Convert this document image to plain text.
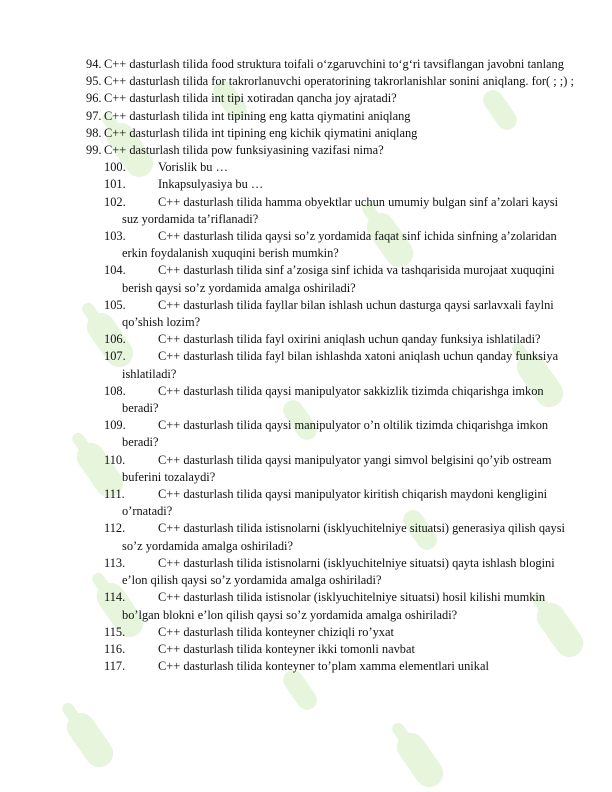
94. C++ dasturlash tilida food struktura toifali o‘zgaruvchini to‘g‘ri tavsiflangan javobni tanlang

95. C++ dasturlash tilida for takrorlanuvchi operatorining takrorlanishlar sonini aniqlang. for( ; ;) ;

96. C++ dasturlash tilida int tipi xotiradan qancha joy ajratadi?

97. C++ dasturlash tilida int tipining eng katta qiymatini aniqlang

98. C++ dasturlash tilida int tipining eng kichik qiymatini aniqlang

99. C++ dasturlash tilida pow funksiyasining vazifasi nima?

100.	Vorislik bu …

101.	Inkapsulyasiya bu …

102.	C++ dasturlash tilida hamma obyektlar uchun umumiy bulgan sinf a’zolari kaysi suz yordamida ta’riflanadi?

103.	C++ dasturlash tilida qaysi so’z yordamida faqat sinf ichida sinfning a’zolaridan erkin foydalanish xuquqini berish mumkin?

104.	C++ dasturlash tilida sinf a’zosiga sinf ichida va tashqarisida murojaat xuquqini berish qaysi so’z yordamida amalga oshiriladi?

105.	C++ dasturlash tilida fayllar bilan ishlash uchun dasturga qaysi sarlavxali faylni qo’shish lozim?

106.	C++ dasturlash tilida fayl oxirini aniqlash uchun qanday funksiya ishlatiladi?

107.	C++ dasturlash tilida fayl bilan ishlashda xatoni aniqlash uchun qanday funksiya ishlatiladi?

108.	C++ dasturlash tilida qaysi manipulyator sakkizlik tizimda chiqarishga imkon beradi?

109.	C++ dasturlash tilida qaysi manipulyator o’n oltilik tizimda chiqarishga imkon beradi?

110.	C++ dasturlash tilida qaysi manipulyator yangi simvol belgisini qo’yib ostream buferini tozalaydi?

111.	C++ dasturlash tilida qaysi manipulyator kiritish chiqarish maydoni kengligini o’rnatadi?

112.	C++ dasturlash tilida istisnolarni (isklyuchitelniye situatsi) generasiya qilish qaysi so’z yordamida amalga oshiriladi?

113.	C++ dasturlash tilida istisnolarni (isklyuchitelniye situatsi) qayta ishlash blogini e’lon qilish qaysi so’z yordamida amalga oshiriladi?

114.	C++ dasturlash tilida istisnolar (isklyuchitelniye situatsi) hosil kilishi mumkin bo’lgan blokni e’lon qilish qaysi so’z yordamida amalga oshiriladi?

115.	C++ dasturlash tilida konteyner chiziqli ro’yxat

116.	C++ dasturlash tilida konteyner ikki tomonli navbat

117.	C++ dasturlash tilida konteyner to’plam xamma elementlari unikal
